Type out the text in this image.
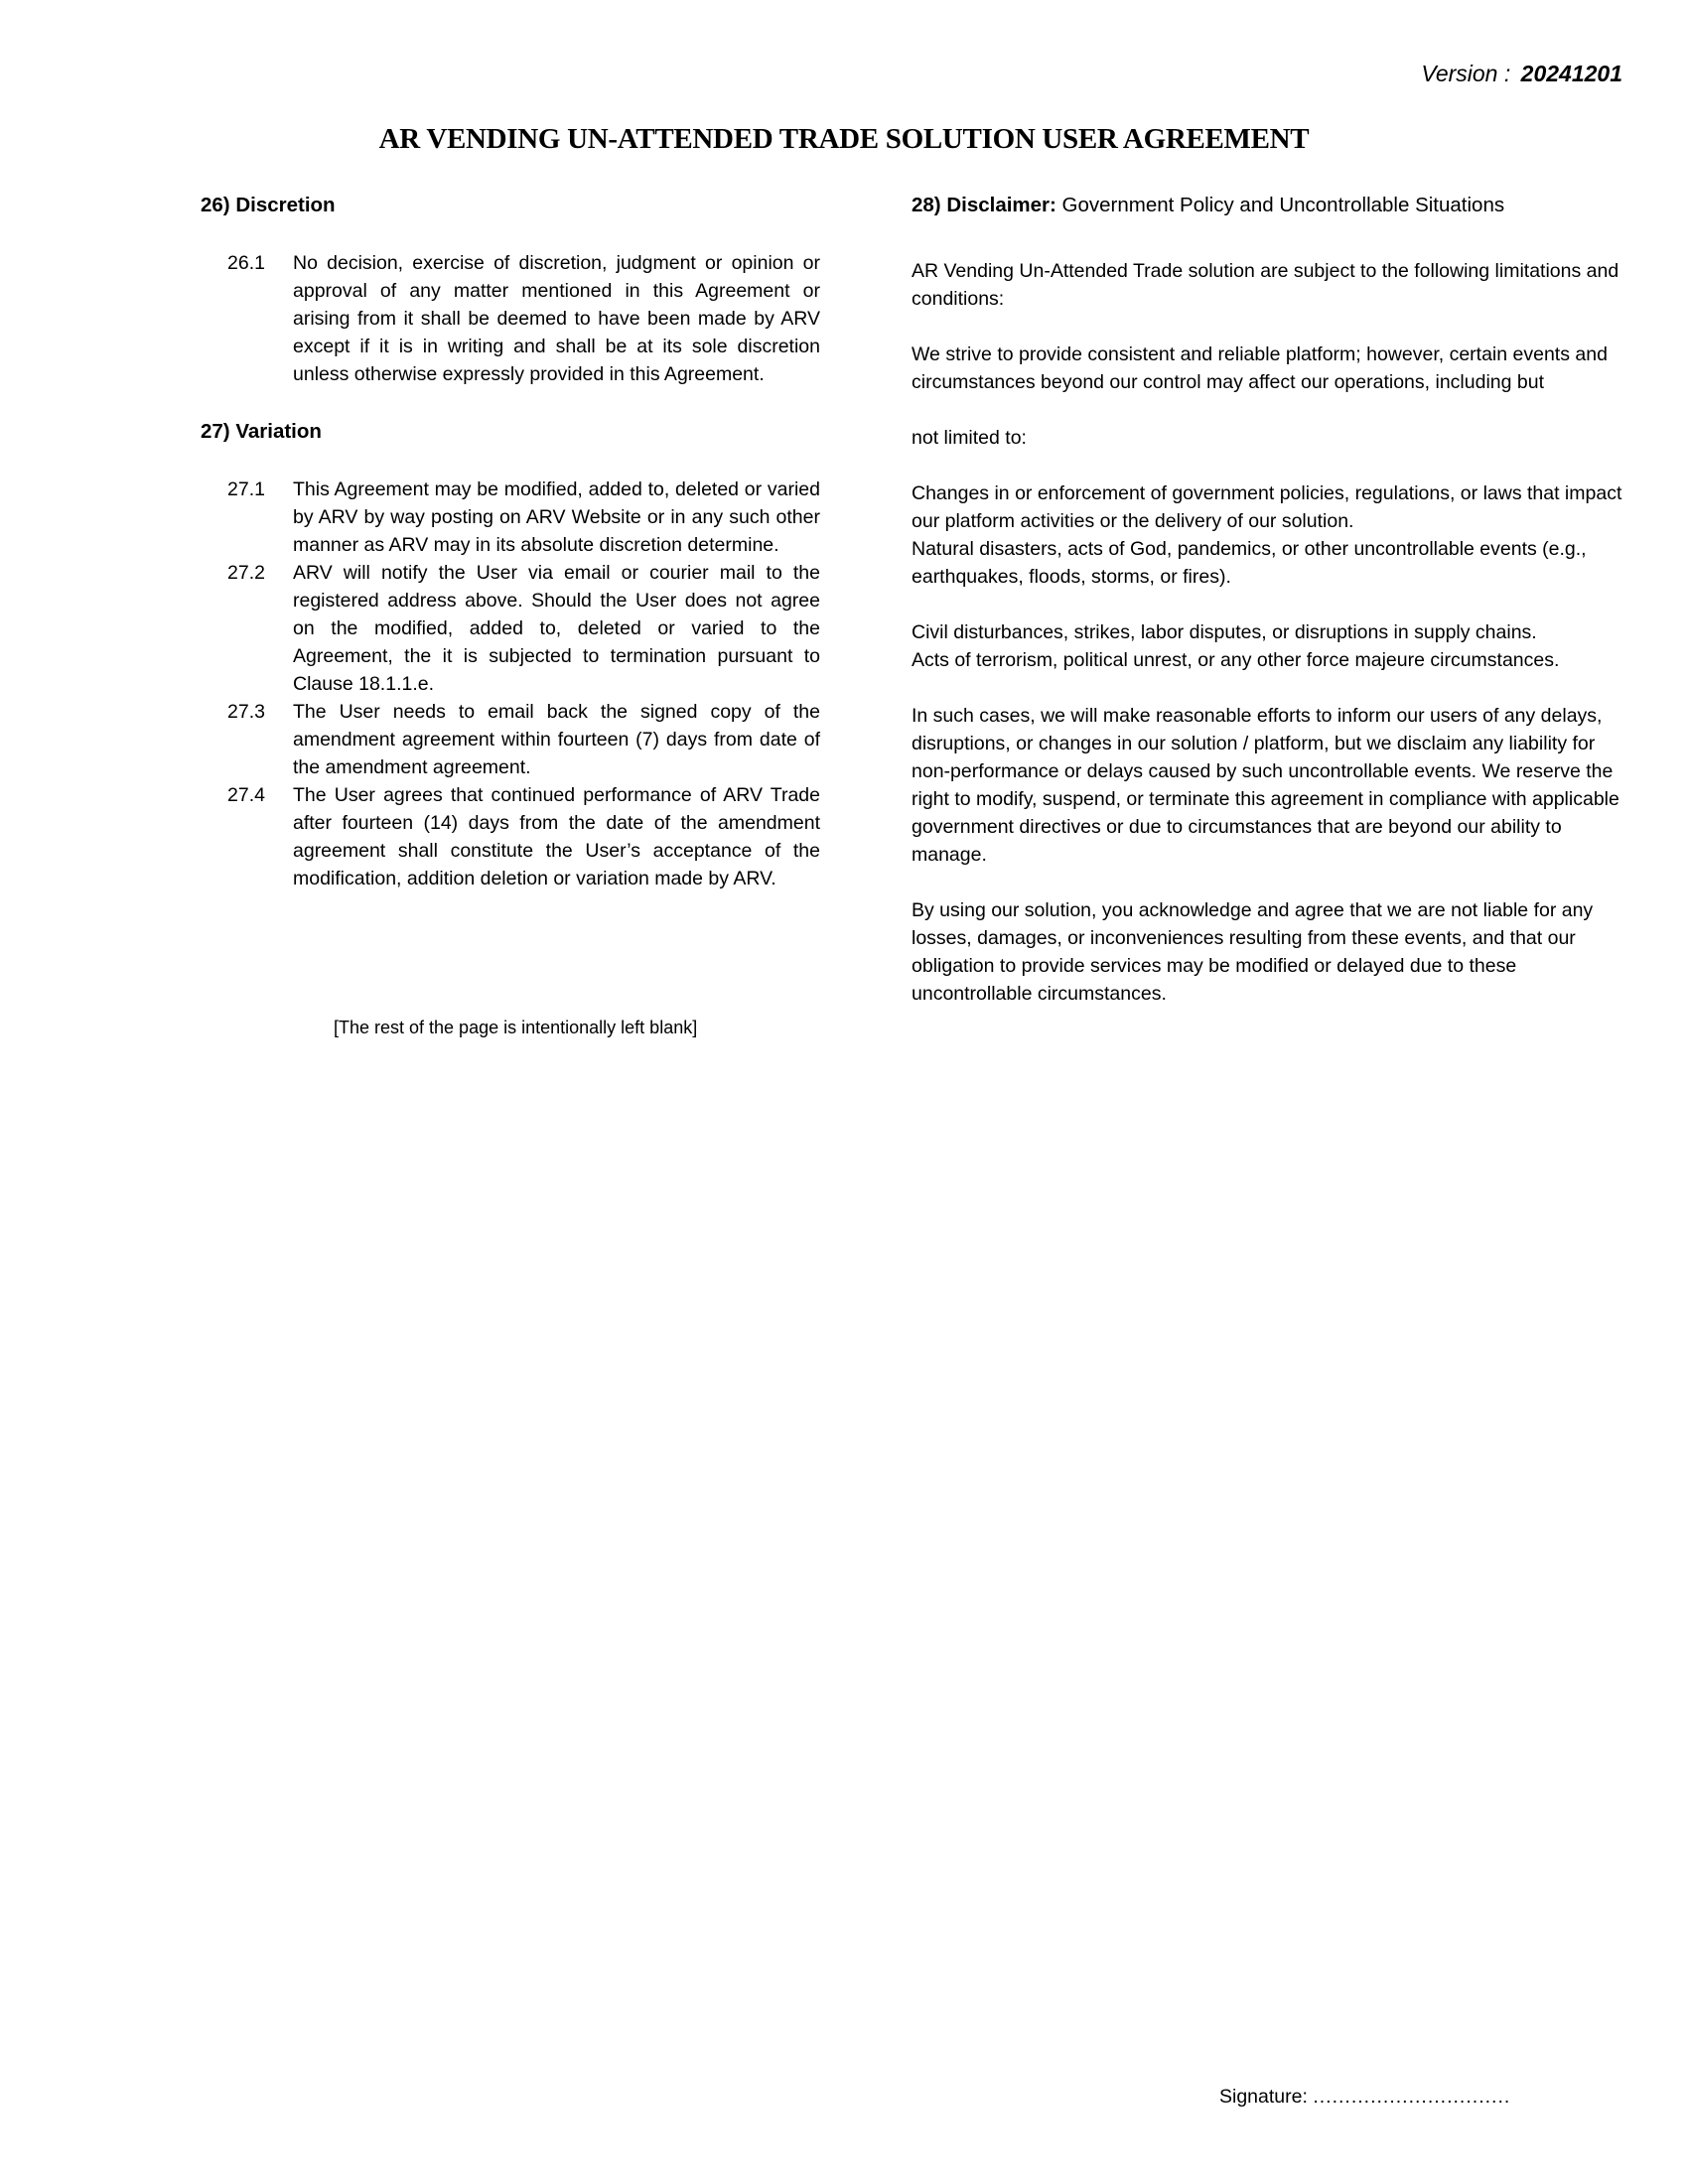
Version : 20241201
AR VENDING UN-ATTENDED TRADE SOLUTION USER AGREEMENT
26) Discretion
26.1	No decision, exercise of discretion, judgment or opinion or approval of any matter mentioned in this Agreement or arising from it shall be deemed to have been made by ARV except if it is in writing and shall be at its sole discretion unless otherwise expressly provided in this Agreement.
27) Variation
27.1	This Agreement may be modified, added to, deleted or varied by ARV by way posting on ARV Website or in any such other manner as ARV may in its absolute discretion determine.
27.2	ARV will notify the User via email or courier mail to the registered address above. Should the User does not agree on the modified, added to, deleted or varied to the Agreement, the it is subjected to termination pursuant to Clause 18.1.1.e.
27.3	The User needs to email back the signed copy of the amendment agreement within fourteen (7) days from date of the amendment agreement.
27.4	The User agrees that continued performance of ARV Trade after fourteen (14) days from the date of the amendment agreement shall constitute the User’s acceptance of the modification, addition deletion or variation made by ARV.
28) Disclaimer: Government Policy and Uncontrollable Situations

AR Vending Un-Attended Trade solution are subject to the following limitations and conditions:

We strive to provide consistent and reliable platform; however, certain events and circumstances beyond our control may affect our operations, including but

not limited to:

Changes in or enforcement of government policies, regulations, or laws that impact our platform activities or the delivery of our solution.

Natural disasters, acts of God, pandemics, or other uncontrollable events (e.g., earthquakes, floods, storms, or fires).

Civil disturbances, strikes, labor disputes, or disruptions in supply chains.

Acts of terrorism, political unrest, or any other force majeure circumstances.

In such cases, we will make reasonable efforts to inform our users of any delays, disruptions, or changes in our solution / platform, but we disclaim any liability for non-performance or delays caused by such uncontrollable events. We reserve the right to modify, suspend, or terminate this agreement in compliance with applicable government directives or due to circumstances that are beyond our ability to manage.

By using our solution, you acknowledge and agree that we are not liable for any losses, damages, or inconveniences resulting from these events, and that our obligation to provide services may be modified or delayed due to these uncontrollable circumstances.

[The rest of the page is intentionally left blank]
Signature: ...............................
